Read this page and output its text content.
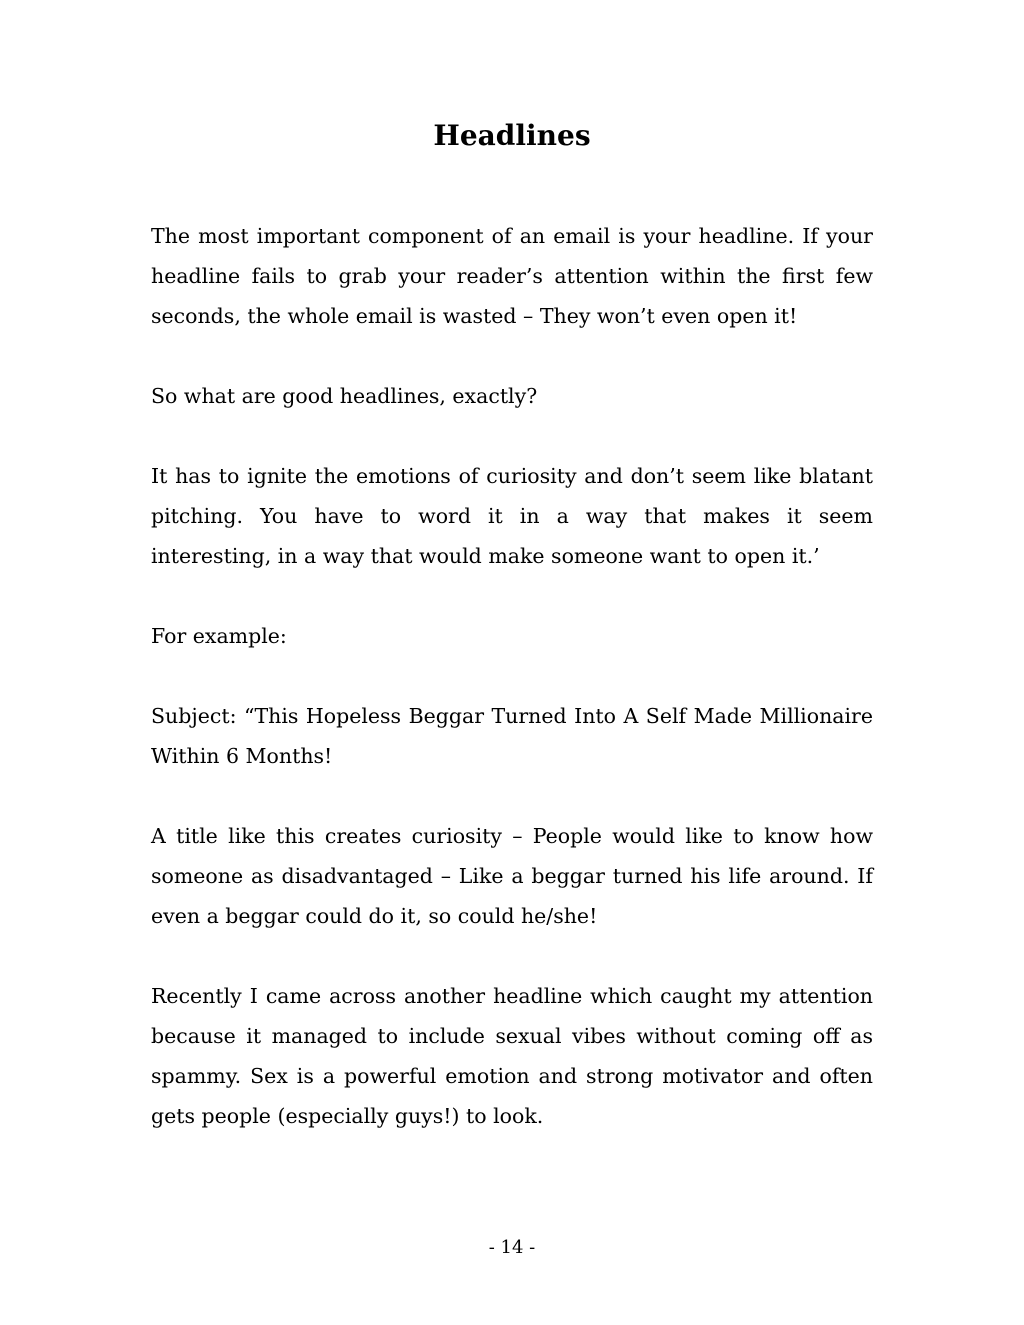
Headlines

The most important component of an email is your headline. If your headline fails to grab your reader’s attention within the first few seconds, the whole email is wasted – They won’t even open it!

So what are good headlines, exactly?

It has to ignite the emotions of curiosity and don’t seem like blatant pitching. You have to word it in a way that makes it seem interesting, in a way that would make someone want to open it.’

For example:

Subject: “This Hopeless Beggar Turned Into A Self Made Millionaire Within 6 Months!

A title like this creates curiosity – People would like to know how someone as disadvantaged – Like a beggar turned his life around. If even a beggar could do it, so could he/she!

Recently I came across another headline which caught my attention because it managed to include sexual vibes without coming off as spammy. Sex is a powerful emotion and strong motivator and often gets people (especially guys!) to look.

- 14 -
